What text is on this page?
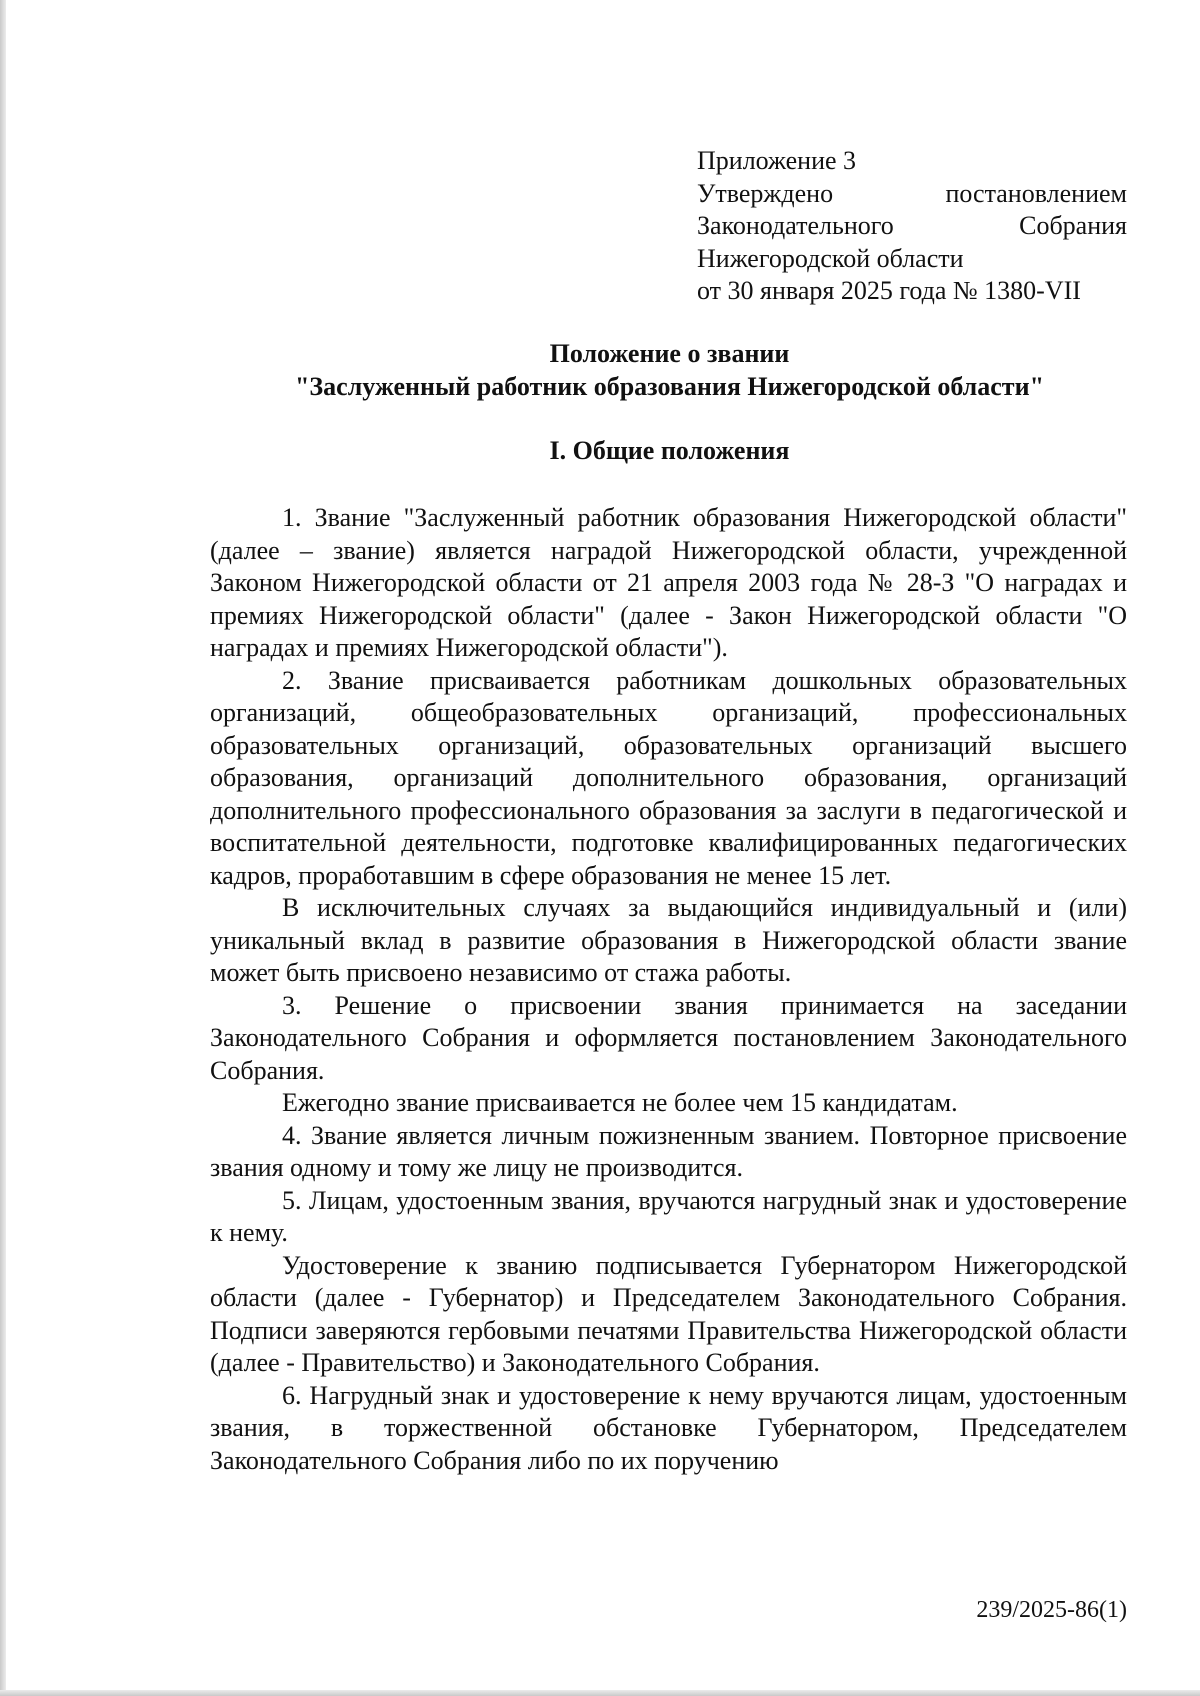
Приложение 3
Утверждено постановлением
Законодательного Собрания
Нижегородской области
от 30 января 2025 года № 1380-VII
Положение о звании
"Заслуженный работник образования Нижегородской области"
I. Общие положения

1. Звание "Заслуженный работник образования Нижегородской области" (далее – звание) является наградой Нижегородской области, учрежденной Законом Нижегородской области от 21 апреля 2003 года № 28-З "О наградах и премиях Нижегородской области" (далее - Закон Нижегородской области "О наградах и премиях Нижегородской области").

2. Звание присваивается работникам дошкольных образовательных организаций, общеобразовательных организаций, профессиональных образовательных организаций, образовательных организаций высшего образования, организаций дополнительного образования, организаций дополнительного профессионального образования за заслуги в педагогической и воспитательной деятельности, подготовке квалифицированных педагогических кадров, проработавшим в сфере образования не менее 15 лет.

В исключительных случаях за выдающийся индивидуальный и (или) уникальный вклад в развитие образования в Нижегородской области звание может быть присвоено независимо от стажа работы.

3. Решение о присвоении звания принимается на заседании Законодательного Собрания и оформляется постановлением Законодательного Собрания.

Ежегодно звание присваивается не более чем 15 кандидатам.

4. Звание является личным пожизненным званием. Повторное присвоение звания одному и тому же лицу не производится.

5. Лицам, удостоенным звания, вручаются нагрудный знак и удостоверение к нему.

Удостоверение к званию подписывается Губернатором Нижегородской области (далее - Губернатор) и Председателем Законодательного Собрания. Подписи заверяются гербовыми печатями Правительства Нижегородской области (далее - Правительство) и Законодательного Собрания.

6. Нагрудный знак и удостоверение к нему вручаются лицам, удостоенным звания, в торжественной обстановке Губернатором, Председателем Законодательного Собрания либо по их поручению

239/2025-86(1)
